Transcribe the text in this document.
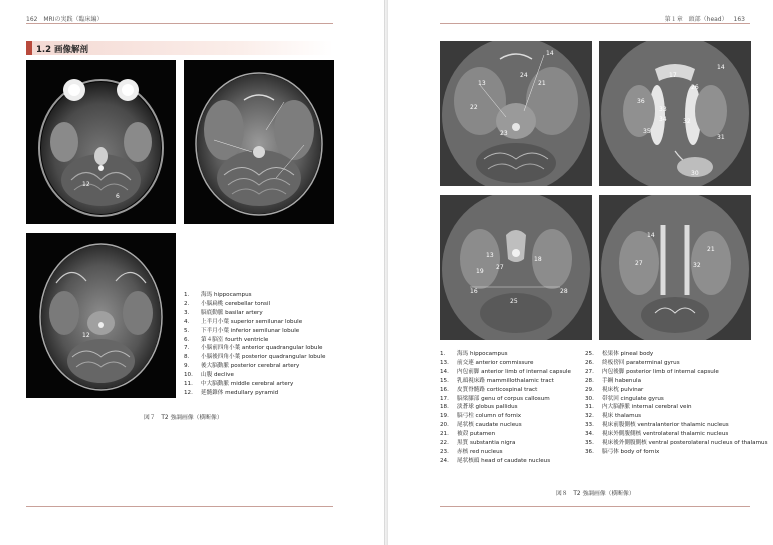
162 MRIの実践（臨床編）
1.2 画像解剖
12
6
12
1. 海馬 hippocampus
2. 小脳扁桃 cerebellar tonsil
3. 脳底動脈 basilar artery
4. 上半月小葉 superior semilunar lobule
5. 下半月小葉 inferior semilunar lobule
6. 第４脳室 fourth ventricle
7. 小脳前四角小葉 anterior quadrangular lobule
8. 小脳後四角小葉 posterior quadrangular lobule
9. 後大脳動脈 posterior cerebral artery
10. 山腹 declive
11. 中大脳動脈 middle cerebral artery
12. 延髄錐体 medullary pyramid
図７　T2 強調画像（横断像）
第１章 頭部（head） 163
13
24
21
14
22
23
17
14
26
36
33
34	32
35
31
30
13
19
27
18
16
25
28
14
21
27	32
1. 海馬 hippocampus
13. 前交連 anterior commissure
14. 内包前脚 anterior limb of internal capsule
15. 乳頭視床路 mammillothalamic tract
16. 皮質脊髄路 corticospinal tract
17. 脳梁膝部 genu of corpus callosum
18. 淡蒼球 globus pallidus
19. 脳弓柱 column of fornix
20. 尾状核 caudate nucleus
21. 被殻 putamen
22. 黒質 substantia nigra
23. 赤核 red nucleus
24. 尾状核頭 head of caudate nucleus
25. 松果体 pineal body
26. 終板傍回 paraterminal gyrus
27. 内包後脚 posterior limb of internal capsule
28. 手綱 habenula
29. 視床枕 pulvinar
30. 帯状回 cingulate gyrus
31. 内大脳静脈 internal cerebral vein
32. 視床 thalamus
33. 視床前腹側核 ventralanterior thalamic nucleus
34. 視床外側腹側核 ventrolateral thalamic nucleus
35. 視床後外側腹側核 ventral posterolateral nucleus of thalamus
36. 脳弓体 body of fornix
図８　T2 強調画像（横断像）
